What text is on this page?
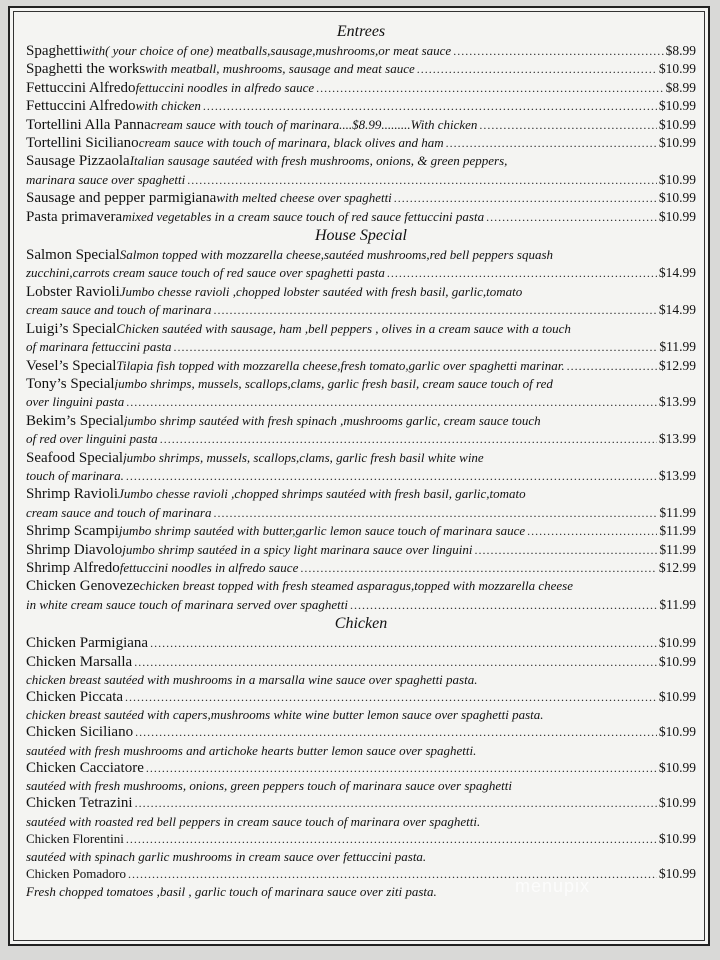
Entrees
Spaghetti with( your choice of one) meatballs,sausage,mushrooms,or meat sauce .....	$8.99
Spaghetti the works with meatball, mushrooms, sausage and meat sauce .....	$10.99
Fettuccini Alfredo fettuccini noodles in alfredo sauce .....	$8.99
Fettuccini Alfredo with chicken .....	$10.99
Tortellini Alla Panna cream sauce with touch of marinara....$8.99.........With chicken .....	$10.99
Tortellini Siciliano cream sauce with touch of marinara, black olives and ham .....	$10.99
Sausage Pizzaola Italian sausage sautéed with fresh mushrooms, onions, & green peppers,
marinara sauce over spaghetti .....	$10.99
Sausage and pepper parmigiana with melted cheese over spaghetti .....	$10.99
Pasta primavera mixed vegetables in a cream sauce touch of red sauce fettuccini pasta .....	$10.99
House Special
Salmon Special Salmon topped with mozzarella cheese,sautéed mushrooms,red bell peppers squash
zucchini,carrots cream sauce touch of red sauce over spaghetti pasta .....	$14.99
Lobster Ravioli Jumbo chesse ravioli ,chopped lobster sautéed with fresh basil, garlic,tomato
cream sauce and touch of marinara .....	$14.99
Luigi’s Special Chicken sautéed with sausage, ham ,bell peppers , olives in a cream sauce with a touch
of marinara fettuccini pasta .....	$11.99
Vesel’s Special Tilapia fish topped with mozzarella cheese,fresh tomato,garlic over spaghetti marinar. .....	$12.99
Tony’s Special jumbo shrimps, mussels, scallops,clams, garlic fresh basil, cream sauce touch of red
over linguini pasta .....	$13.99
Bekim’s Special jumbo shrimp sautéed with fresh spinach ,mushrooms garlic, cream sauce touch
of red over linguini pasta .....	$13.99
Seafood Special jumbo shrimps, mussels, scallops,clams, garlic fresh basil white wine
touch of marinara. .....	$13.99
Shrimp Ravioli Jumbo chesse ravioli ,chopped shrimps sautéed with fresh basil, garlic,tomato
cream sauce and touch of marinara .....	$11.99
Shrimp Scampi jumbo shrimp sautéed with butter,garlic lemon sauce touch of marinara sauce .....	$11.99
Shrimp Diavolo jumbo shrimp sautéed in a spicy light marinara sauce over linguini .....	$11.99
Shrimp Alfredo fettuccini noodles in alfredo sauce .....	$12.99
Chicken Genoveze chicken breast topped with fresh steamed asparagus,topped with mozzarella cheese
in white cream sauce touch of marinara served over spaghetti .....	$11.99
Chicken
Chicken Parmigiana .....	$10.99
Chicken Marsalla .....	$10.99
chicken breast sautéed with mushrooms in a marsalla wine sauce over spaghetti pasta.
Chicken Piccata .....	$10.99
chicken breast sautéed with capers,mushrooms white wine butter lemon sauce over spaghetti pasta.
Chicken Siciliano .....	$10.99
sautéed with fresh mushrooms and artichoke hearts butter lemon sauce over spaghetti.
Chicken Cacciatore .....	$10.99
sautéed with fresh mushrooms, onions, green peppers touch of marinara sauce over spaghetti
Chicken Tetrazini .....	$10.99
sautéed with roasted red bell peppers in cream sauce touch of marinara over spaghetti.
Chicken Florentini .....	$10.99
sautéed with spinach garlic mushrooms in cream sauce over fettuccini pasta.
Chicken Pomadoro .....	$10.99
Fresh chopped tomatoes ,basil , garlic touch of marinara sauce over ziti pasta.	menupix
